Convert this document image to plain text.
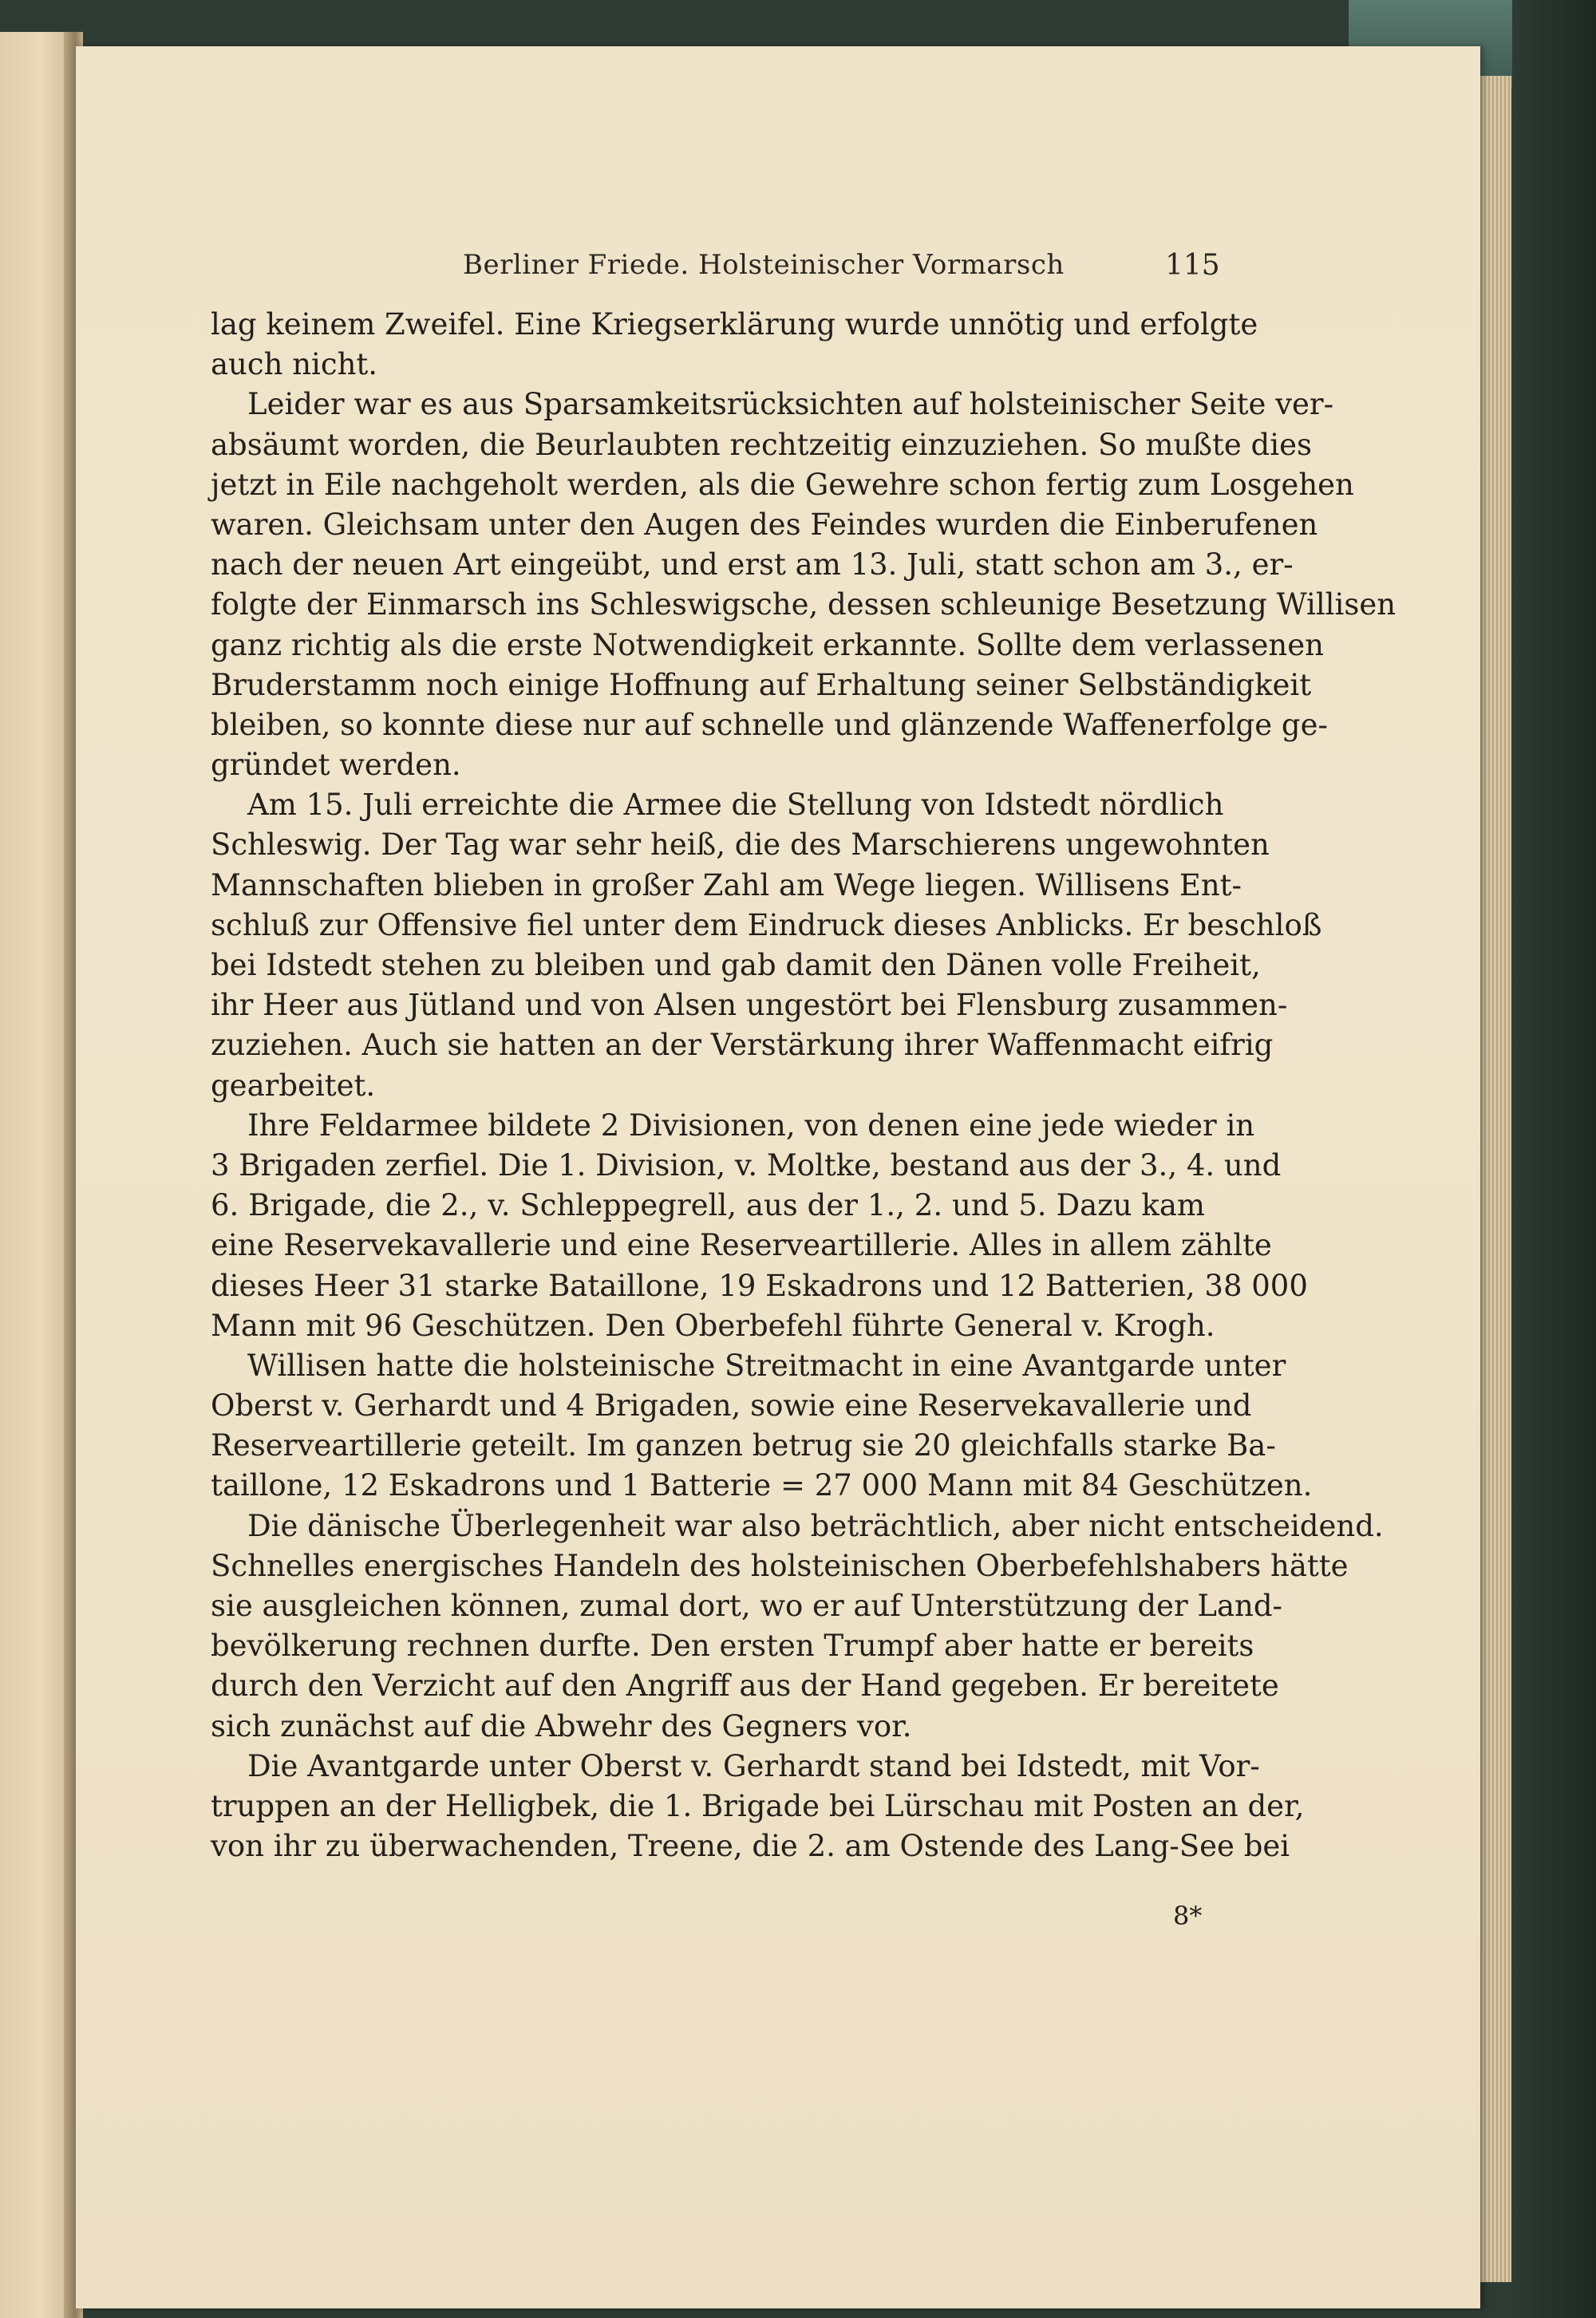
Berliner Friede. Holsteinischer Vormarsch	115
lag keinem Zweifel. Eine Kriegserklärung wurde unnötig und erfolgte
auch nicht.
Leider war es aus Sparsamkeitsrücksichten auf holsteinischer Seite ver-
absäumt worden, die Beurlaubten rechtzeitig einzuziehen. So mußte dies
jetzt in Eile nachgeholt werden, als die Gewehre schon fertig zum Losgehen
waren. Gleichsam unter den Augen des Feindes wurden die Einberufenen
nach der neuen Art eingeübt, und erst am 13. Juli, statt schon am 3., er-
folgte der Einmarsch ins Schleswigsche, dessen schleunige Besetzung Willisen
ganz richtig als die erste Notwendigkeit erkannte. Sollte dem verlassenen
Bruderstamm noch einige Hoffnung auf Erhaltung seiner Selbständigkeit
bleiben, so konnte diese nur auf schnelle und glänzende Waffenerfolge ge-
gründet werden.
Am 15. Juli erreichte die Armee die Stellung von Idstedt nördlich
Schleswig. Der Tag war sehr heiß, die des Marschierens ungewohnten
Mannschaften blieben in großer Zahl am Wege liegen. Willisens Ent-
schluß zur Offensive fiel unter dem Eindruck dieses Anblicks. Er beschloß
bei Idstedt stehen zu bleiben und gab damit den Dänen volle Freiheit,
ihr Heer aus Jütland und von Alsen ungestört bei Flensburg zusammen-
zuziehen. Auch sie hatten an der Verstärkung ihrer Waffenmacht eifrig
gearbeitet.
Ihre Feldarmee bildete 2 Divisionen, von denen eine jede wieder in
3 Brigaden zerfiel. Die 1. Division, v. Moltke, bestand aus der 3., 4. und
6. Brigade, die 2., v. Schleppegrell, aus der 1., 2. und 5. Dazu kam
eine Reservekavallerie und eine Reserveartillerie. Alles in allem zählte
dieses Heer 31 starke Bataillone, 19 Eskadrons und 12 Batterien, 38 000
Mann mit 96 Geschützen. Den Oberbefehl führte General v. Krogh.
Willisen hatte die holsteinische Streitmacht in eine Avantgarde unter
Oberst v. Gerhardt und 4 Brigaden, sowie eine Reservekavallerie und
Reserveartillerie geteilt. Im ganzen betrug sie 20 gleichfalls starke Ba-
taillone, 12 Eskadrons und 1 Batterie = 27 000 Mann mit 84 Geschützen.
Die dänische Überlegenheit war also beträchtlich, aber nicht entscheidend.
Schnelles energisches Handeln des holsteinischen Oberbefehlshabers hätte
sie ausgleichen können, zumal dort, wo er auf Unterstützung der Land-
bevölkerung rechnen durfte. Den ersten Trumpf aber hatte er bereits
durch den Verzicht auf den Angriff aus der Hand gegeben. Er bereitete
sich zunächst auf die Abwehr des Gegners vor.
Die Avantgarde unter Oberst v. Gerhardt stand bei Idstedt, mit Vor-
truppen an der Helligbek, die 1. Brigade bei Lürschau mit Posten an der,
von ihr zu überwachenden, Treene, die 2. am Ostende des Lang-See bei
8*
